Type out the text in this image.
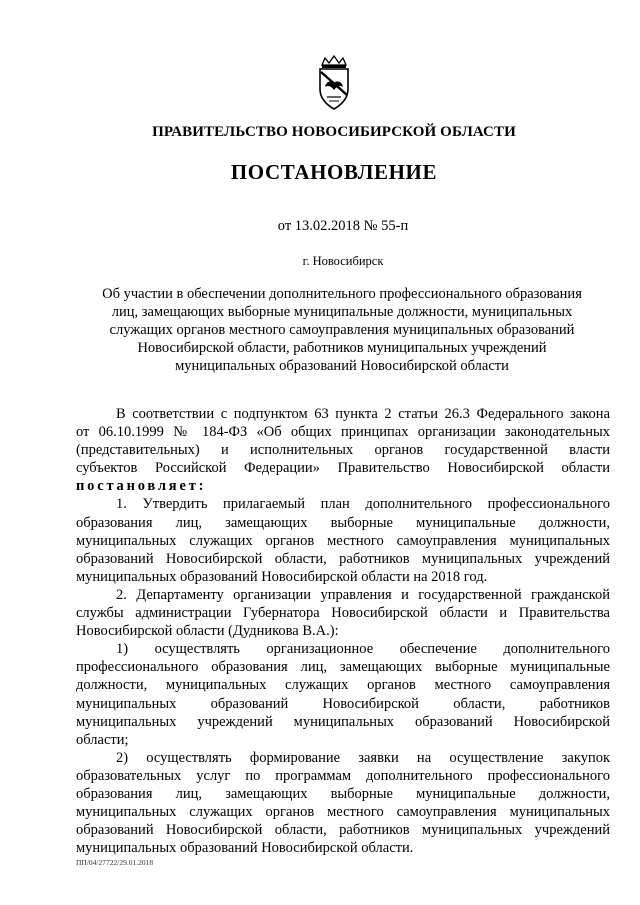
ПРАВИТЕЛЬСТВО НОВОСИБИРСКОЙ ОБЛАСТИ
ПОСТАНОВЛЕНИЕ
от 13.02.2018 № 55-п
г. Новосибирск
Об участии в обеспечении дополнительного профессионального образования
лиц, замещающих выборные муниципальные должности, муниципальных
служащих органов местного самоуправления муниципальных образований
Новосибирской области, работников муниципальных учреждений
муниципальных образований Новосибирской области
В соответствии с подпунктом 63 пункта 2 статьи 26.3 Федерального закона
от 06.10.1999 № 184-ФЗ «Об общих принципах организации законодательных
(представительных) и исполнительных органов государственной власти
субъектов Российской Федерации» Правительство Новосибирской области
постановляет:
1. Утвердить прилагаемый план дополнительного профессионального
образования лиц, замещающих выборные муниципальные должности,
муниципальных служащих органов местного самоуправления муниципальных
образований Новосибирской области, работников муниципальных учреждений
муниципальных образований Новосибирской области на 2018 год.
2. Департаменту организации управления и государственной гражданской
службы администрации Губернатора Новосибирской области и Правительства
Новосибирской области (Дудникова В.А.):
1) осуществлять организационное обеспечение дополнительного
профессионального образования лиц, замещающих выборные муниципальные
должности, муниципальных служащих органов местного самоуправления
муниципальных образований Новосибирской области, работников
муниципальных учреждений муниципальных образований Новосибирской
области;
2) осуществлять формирование заявки на осуществление закупок
образовательных услуг по программам дополнительного профессионального
образования лиц, замещающих выборные муниципальные должности,
муниципальных служащих органов местного самоуправления муниципальных
образований Новосибирской области, работников муниципальных учреждений
муниципальных образований Новосибирской области.
ПП/04/27722/29.01.2018
